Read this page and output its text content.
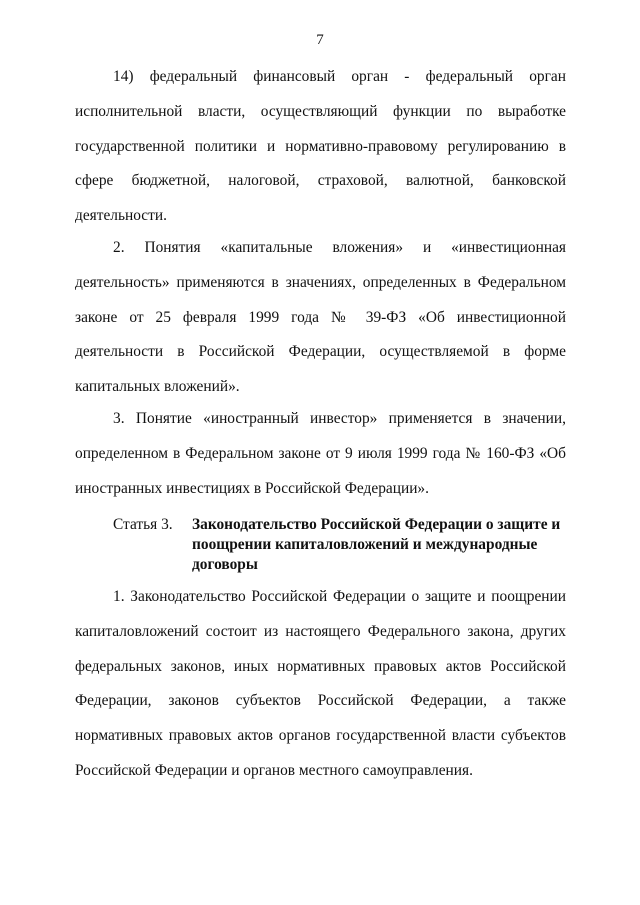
7
14) федеральный финансовый орган - федеральный орган исполнительной власти, осуществляющий функции по выработке государственной политики и нормативно-правовому регулированию в сфере бюджетной, налоговой, страховой, валютной, банковской деятельности.
2. Понятия «капитальные вложения» и «инвестиционная деятельность» применяются в значениях, определенных в Федеральном законе от 25 февраля 1999 года № 39-ФЗ «Об инвестиционной деятельности в Российской Федерации, осуществляемой в форме капитальных вложений».
3. Понятие «иностранный инвестор» применяется в значении, определенном в Федеральном законе от 9 июля 1999 года № 160-ФЗ «Об иностранных инвестициях в Российской Федерации».
Статья 3.	Законодательство Российской Федерации о защите и поощрении капиталовложений и международные договоры
1. Законодательство Российской Федерации о защите и поощрении капиталовложений состоит из настоящего Федерального закона, других федеральных законов, иных нормативных правовых актов Российской Федерации, законов субъектов Российской Федерации, а также нормативных правовых актов органов государственной власти субъектов Российской Федерации и органов местного самоуправления.
